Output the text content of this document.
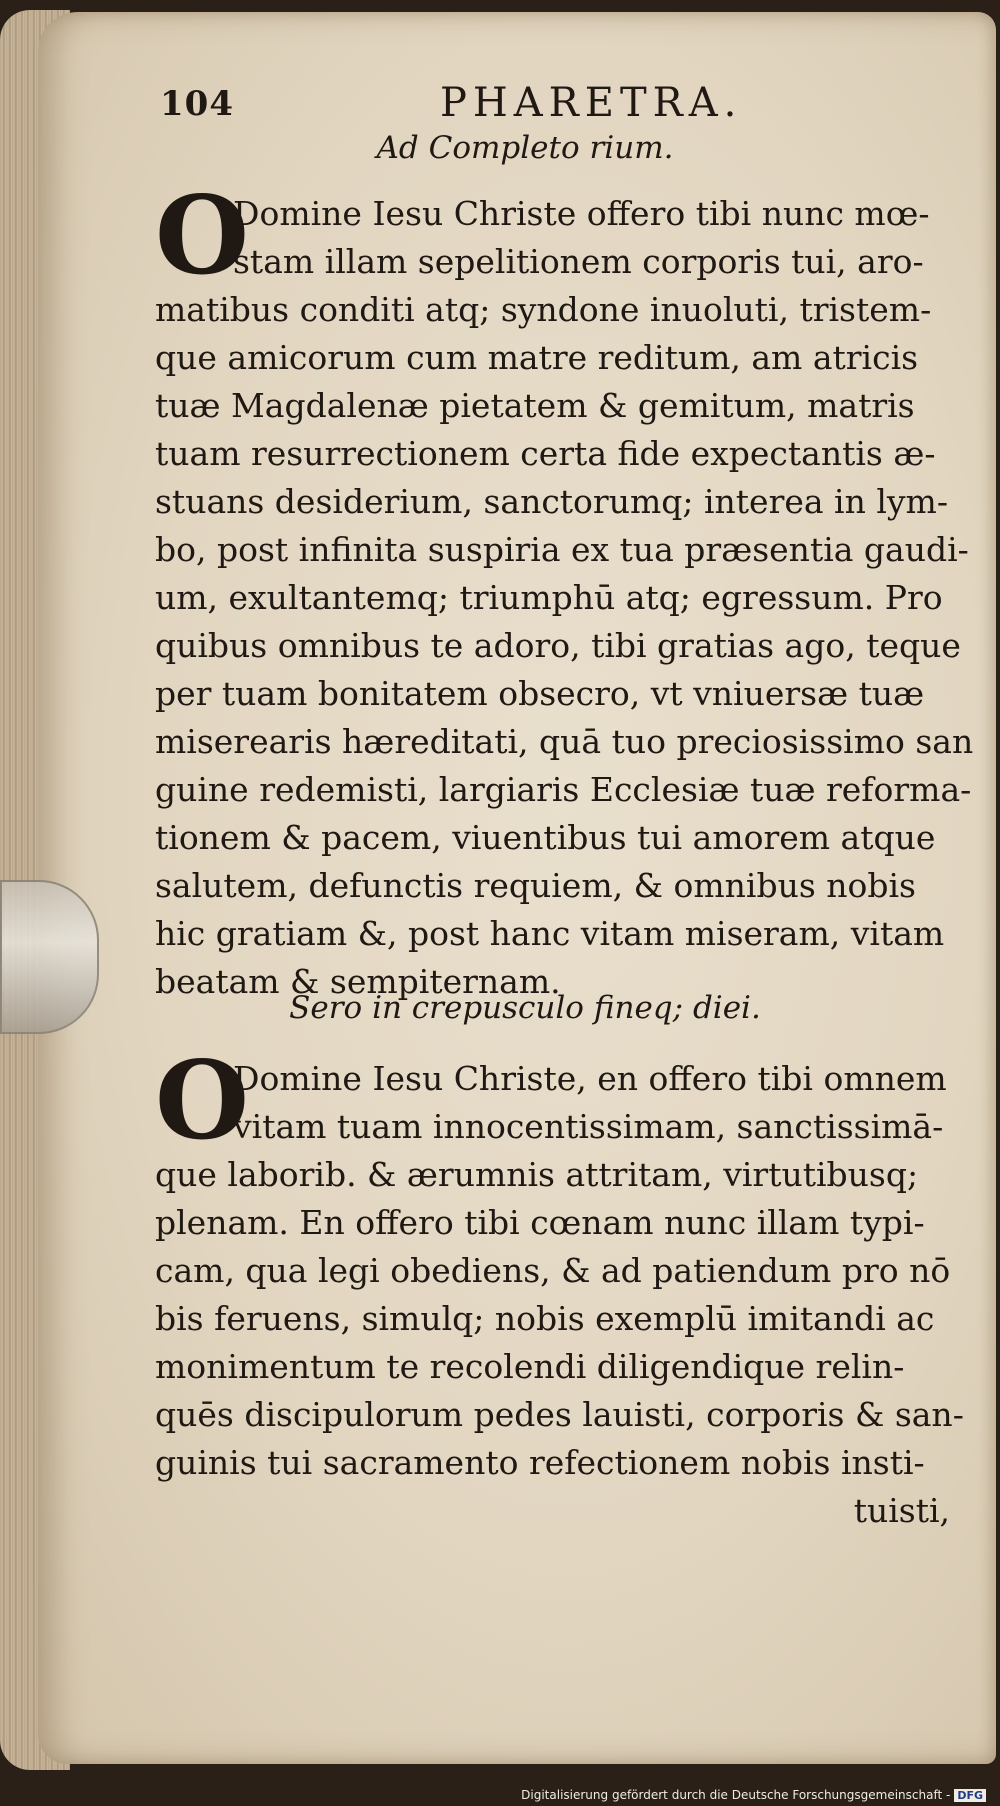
104	PHARETRA.
Ad Completo rium.
O
Domine Iesu Christe offero tibi nunc mœ-
stam illam sepelitionem corporis tui, aro-
matibus conditi atq; syndone inuoluti, tristem-
que amicorum cum matre reditum, am atricis
tuæ Magdalenæ pietatem & gemitum, matris
tuam resurrectionem certa fide expectantis æ-
stuans desiderium, sanctorumq; interea in lym-
bo, post infinita suspiria ex tua præsentia gaudi-
um, exultantemq; triumphū atq; egressum. Pro
quibus omnibus te adoro, tibi gratias ago, teque
per tuam bonitatem obsecro, vt vniuersæ tuæ
miserearis hæreditati, quā tuo preciosissimo san
guine redemisti, largiaris Ecclesiæ tuæ reforma-
tionem & pacem, viuentibus tui amorem atque
salutem, defunctis requiem, & omnibus nobis
hic gratiam &, post hanc vitam miseram, vitam
beatam & sempiternam.
Sero in crepusculo fineq; diei.
O
Domine Iesu Christe, en offero tibi omnem
vitam tuam innocentissimam, sanctissimā-
que laborib. & ærumnis attritam, virtutibusq;
plenam. En offero tibi cœnam nunc illam typi-
cam, qua legi obediens, & ad patiendum pro nō
bis feruens, simulq; nobis exemplū imitandi ac
monimentum te recolendi diligendique relin-
quēs discipulorum pedes lauisti, corporis & san-
guinis tui sacramento refectionem nobis insti-
tuisti,
Digitalisierung gefördert durch die Deutsche Forschungsgemeinschaft - DFG
